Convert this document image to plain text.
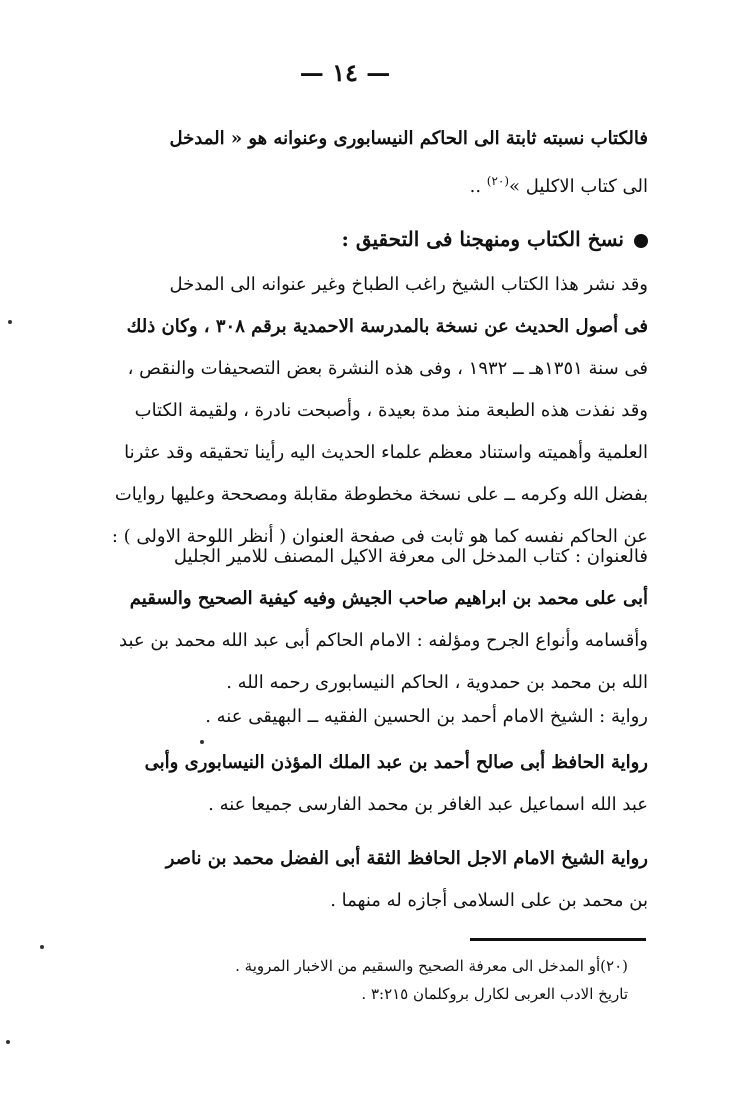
— ١٤ —
فالكتاب نسبته ثابتة الى الحاكم النيسابورى وعنوانه هو « المدخل
الى كتاب الاكليل »$^{(٢٠)}$ ..
نسخ الكتاب ومنهجنا فى التحقيق :
وقد نشر هذا الكتاب الشيخ راغب الطباخ وغير عنوانه الى المدخل
فى أصول الحديث عن نسخة بالمدرسة الاحمدية برقم ٣٠٨ ، وكان ذلك
فى سنة ١٣٥١هـ ــ ١٩٣٢ ، وفى هذه النشرة بعض التصحيفات والنقص ،
وقد نفذت هذه الطبعة منذ مدة بعيدة ، وأصبحت نادرة ، ولقيمة الكتاب
العلمية وأهميته واستناد معظم علماء الحديث اليه رأينا تحقيقه وقد عثرنا
بفضل الله وكرمه ــ على نسخة مخطوطة مقابلة ومصححة وعليها روايات
عن الحاكم نفسه كما هو ثابت فى صفحة العنوان ( أنظر اللوحة الاولى ) :
فالعنوان : كتاب المدخل الى معرفة الاكيل المصنف للامير الجليل
أبى على محمد بن ابراهيم صاحب الجيش وفيه كيفية الصحيح والسقيم
وأقسامه وأنواع الجرح ومؤلفه : الامام الحاكم أبى عبد الله محمد بن عبد
الله بن محمد بن حمدوية ، الحاكم النيسابورى رحمه الله .
رواية : الشيخ الامام أحمد بن الحسين الفقيه ــ البهيقى عنه .
رواية الحافظ أبى صالح أحمد بن عبد الملك المؤذن النيسابورى وأبى
عبد الله اسماعيل عبد الغافر بن محمد الفارسى جميعا عنه .
رواية الشيخ الامام الاجل الحافظ الثقة أبى الفضل محمد بن ناصر
بن محمد بن على السلامى أجازه له منهما .
(٢٠)أو المدخل الى معرفة الصحيح والسقيم من الاخبار المروية .
تاريخ الادب العربى لكارل بروكلمان ٣:٢١٥ .
